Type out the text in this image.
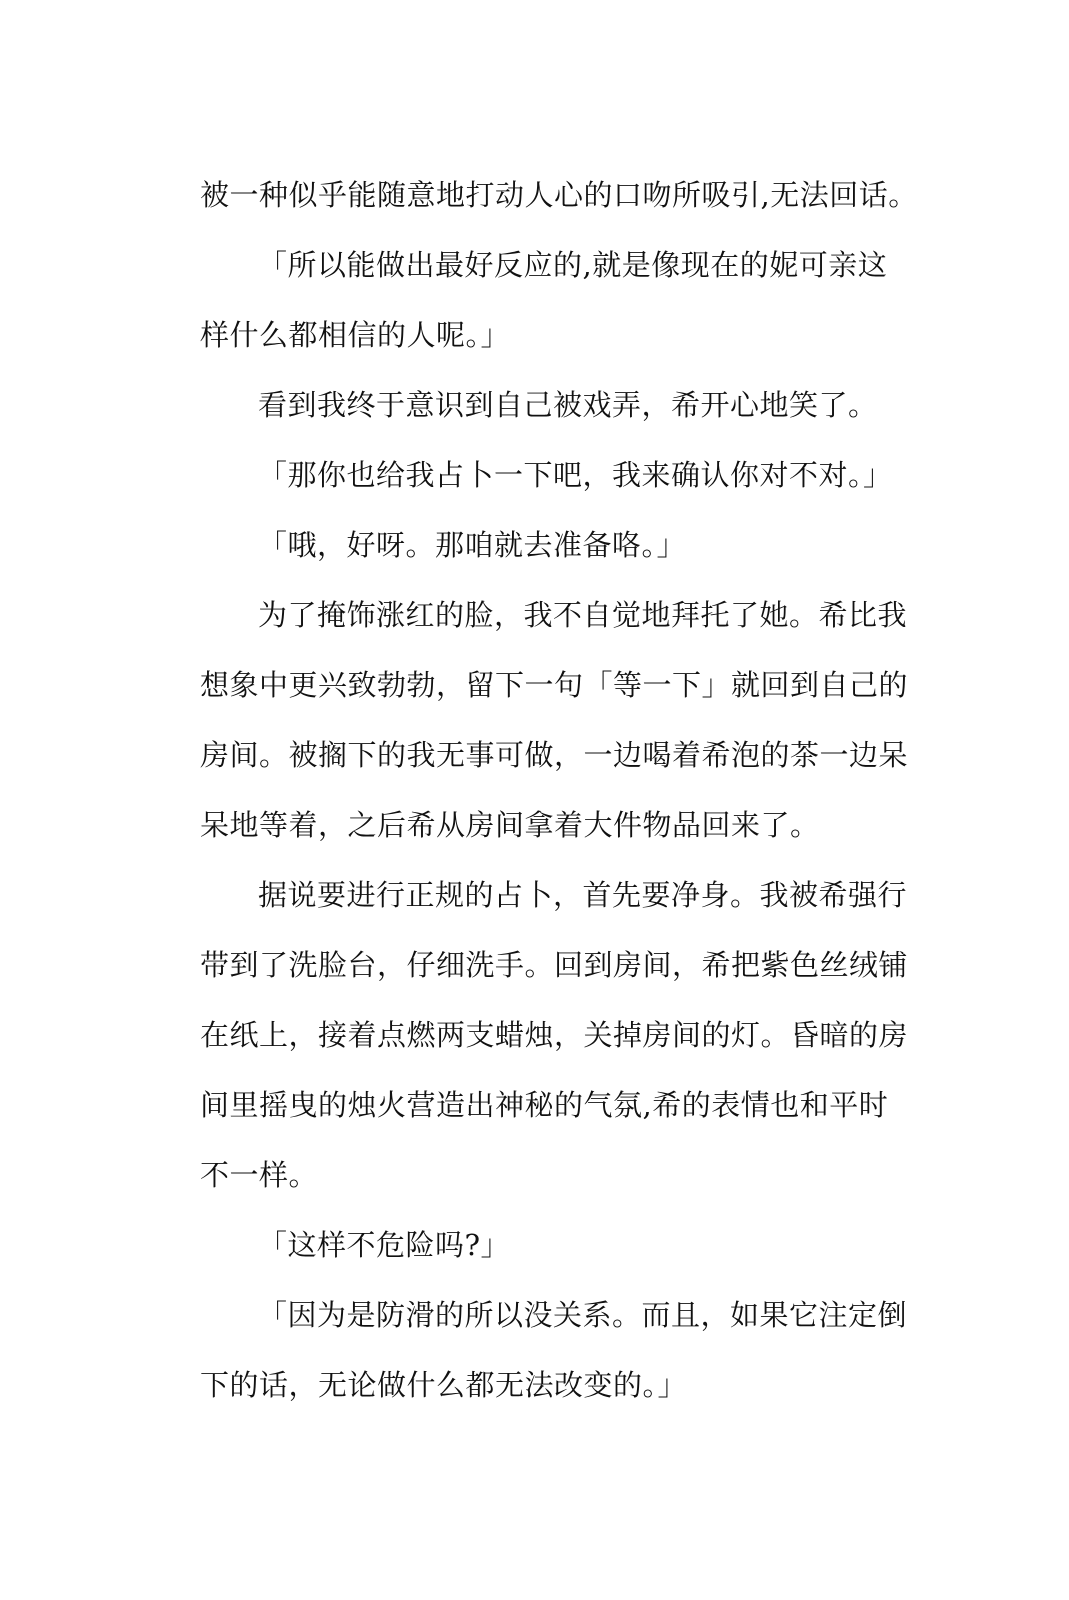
被一种似乎能随意地打动人心的口吻所吸引,无法回话。
「所以能做出最好反应的,就是像现在的妮可亲这
样什么都相信的人呢。」
看到我终于意识到自己被戏弄，希开心地笑了。
「那你也给我占卜一下吧，我来确认你对不对。」
「哦，好呀。那咱就去准备咯。」
为了掩饰涨红的脸，我不自觉地拜托了她。希比我
想象中更兴致勃勃，留下一句「等一下」就回到自己的
房间。被搁下的我无事可做，一边喝着希泡的茶一边呆
呆地等着，之后希从房间拿着大件物品回来了。
据说要进行正规的占卜，首先要净身。我被希强行
带到了洗脸台，仔细洗手。回到房间，希把紫色丝绒铺
在纸上，接着点燃两支蜡烛，关掉房间的灯。昏暗的房
间里摇曳的烛火营造出神秘的气氛,希的表情也和平时
不一样。
「这样不危险吗?」
「因为是防滑的所以没关系。而且，如果它注定倒
下的话，无论做什么都无法改变的。」
